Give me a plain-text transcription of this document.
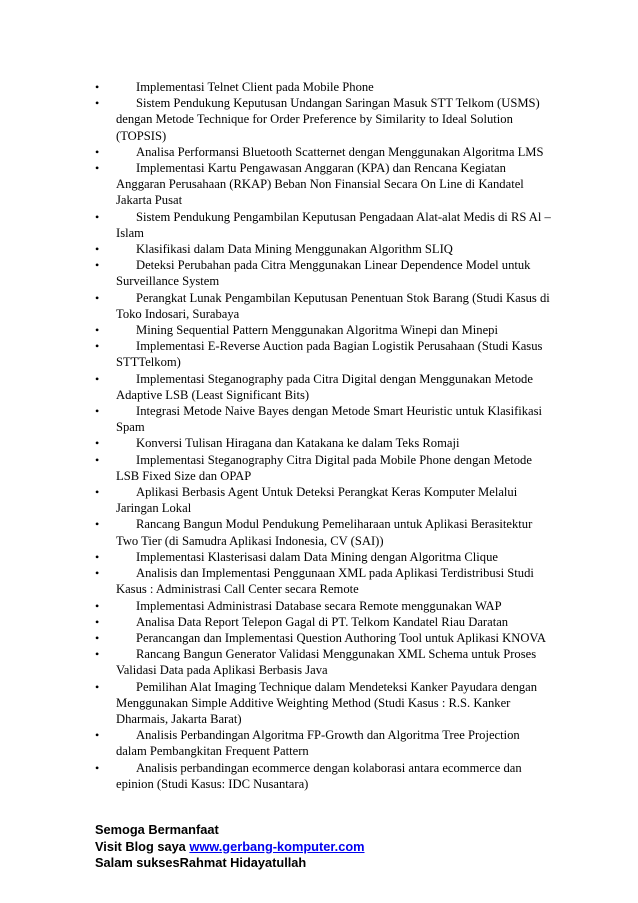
•	Implementasi Telnet Client pada Mobile Phone
•	Sistem Pendukung Keputusan Undangan Saringan Masuk STT Telkom (USMS) dengan Metode Technique for Order Preference by Similarity to Ideal Solution (TOPSIS)
•	Analisa Performansi Bluetooth Scatternet dengan Menggunakan Algoritma LMS
•	Implementasi Kartu Pengawasan Anggaran (KPA) dan Rencana Kegiatan Anggaran Perusahaan (RKAP) Beban Non Finansial Secara On Line di Kandatel Jakarta Pusat
•	Sistem Pendukung Pengambilan Keputusan Pengadaan Alat-alat Medis di RS Al – Islam
•	Klasifikasi dalam Data Mining Menggunakan Algorithm SLIQ
•	Deteksi Perubahan pada Citra Menggunakan Linear Dependence Model untuk Surveillance System
•	Perangkat Lunak Pengambilan Keputusan Penentuan Stok Barang (Studi Kasus di Toko Indosari, Surabaya
•	Mining Sequential Pattern Menggunakan Algoritma Winepi dan Minepi
•	Implementasi E-Reverse Auction pada Bagian Logistik Perusahaan (Studi Kasus STTTelkom)
•	Implementasi Steganography pada Citra Digital dengan Menggunakan Metode Adaptive LSB (Least Significant Bits)
•	Integrasi Metode Naive Bayes dengan Metode Smart Heuristic untuk Klasifikasi Spam
•	Konversi Tulisan Hiragana dan Katakana ke dalam Teks Romaji
•	Implementasi Steganography Citra Digital pada Mobile Phone dengan Metode LSB Fixed Size dan OPAP
•	Aplikasi Berbasis Agent Untuk Deteksi Perangkat Keras Komputer Melalui Jaringan Lokal
•	Rancang Bangun Modul Pendukung Pemeliharaan untuk Aplikasi Berasitektur Two Tier (di Samudra Aplikasi Indonesia, CV (SAI))
•	Implementasi Klasterisasi dalam Data Mining dengan Algoritma Clique
•	Analisis dan Implementasi Penggunaan XML pada Aplikasi Terdistribusi Studi Kasus : Administrasi Call Center secara Remote
•	Implementasi Administrasi Database secara Remote menggunakan WAP
•	Analisa Data Report Telepon Gagal di PT. Telkom Kandatel Riau Daratan
•	Perancangan dan Implementasi Question Authoring Tool untuk Aplikasi KNOVA
•	Rancang Bangun Generator Validasi Menggunakan XML Schema untuk Proses Validasi Data pada Aplikasi Berbasis Java
•	Pemilihan Alat Imaging Technique dalam Mendeteksi Kanker Payudara dengan Menggunakan Simple Additive Weighting Method (Studi Kasus : R.S. Kanker Dharmais, Jakarta Barat)
•	Analisis Perbandingan Algoritma FP-Growth dan Algoritma Tree Projection dalam Pembangkitan Frequent Pattern
•	Analisis perbandingan ecommerce dengan kolaborasi antara ecommerce dan epinion (Studi Kasus: IDC Nusantara)
Semoga Bermanfaat
Visit Blog saya www.gerbang-komputer.com
Salam suksesRahmat Hidayatullah
